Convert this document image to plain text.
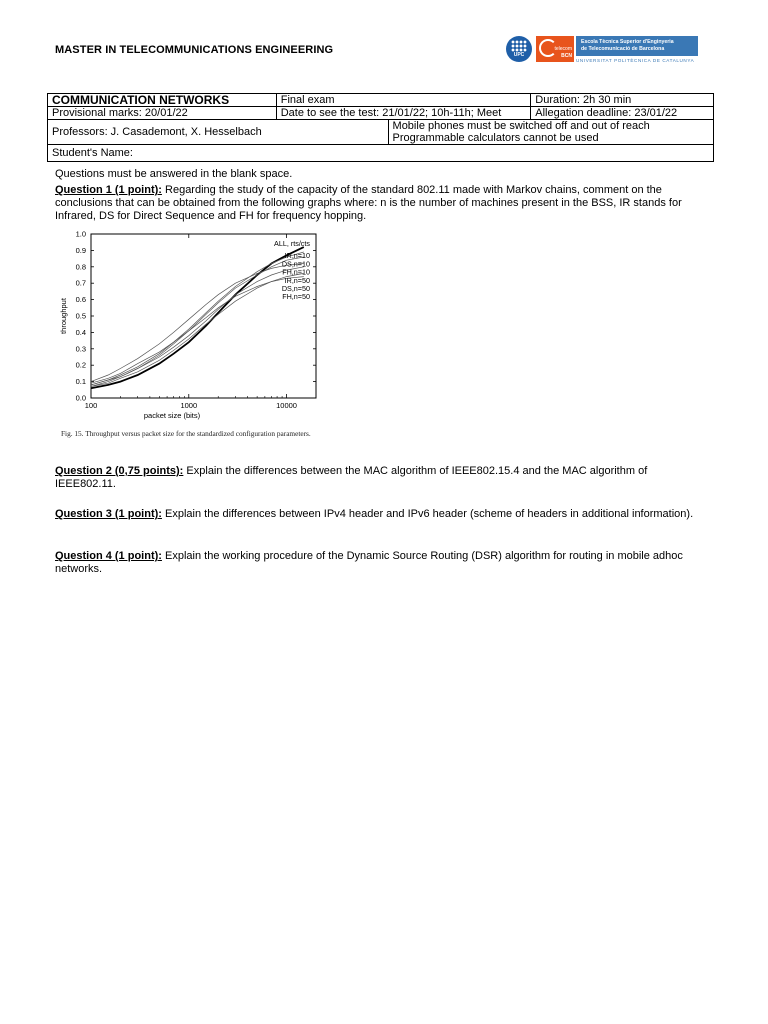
MASTER IN TELECOMMUNICATIONS ENGINEERING	UPC
telecom
BCN
Escola Tècnica Superior d'Enginyeria
de Telecomunicació de Barcelona
UNIVERSITAT POLITÈCNICA DE CATALUNYA
COMMUNICATION NETWORKS	Final exam		Duration: 2h 30 min
Provisional marks: 20/01/22	Date to see the test: 21/01/22; 10h-11h; Meet		Allegation deadline: 23/01/22
Professors: J. Casademont, X. Hesselbach		Mobile phones must be switched off and out of reach
Programmable calculators cannot be used	

Student's Name:			
Questions must be answered in the blank space.

Question 1 (1 point): Regarding the study of the capacity of the standard 802.11 made with Markov chains, comment on the conclusions that can be obtained from the following graphs where: n is the number of machines present in the BSS, IR stands for Infrared, DS for Direct Sequence and FH for frequency hopping.

0.0
0.1
0.2
0.3
0.4
0.5
0.6
0.7
0.8
0.9
1.0
100	1000	10000
packet size (bits)
throughput
ALL, rts/cts
IR,n=10
DS,n=10
FH,n=10
IR,n=50
DS,n=50
FH,n=50
Fig. 15. Throughput versus packet size for the standardized configuration parameters.

Question 2 (0,75 points): Explain the differences between the MAC algorithm of IEEE802.15.4 and the MAC algorithm of IEEE802.11.

Question 3 (1 point): Explain the differences between IPv4 header and IPv6 header (scheme of headers in additional information).

Question 4 (1 point): Explain the working procedure of the Dynamic Source Routing (DSR) algorithm for routing in mobile adhoc networks.
